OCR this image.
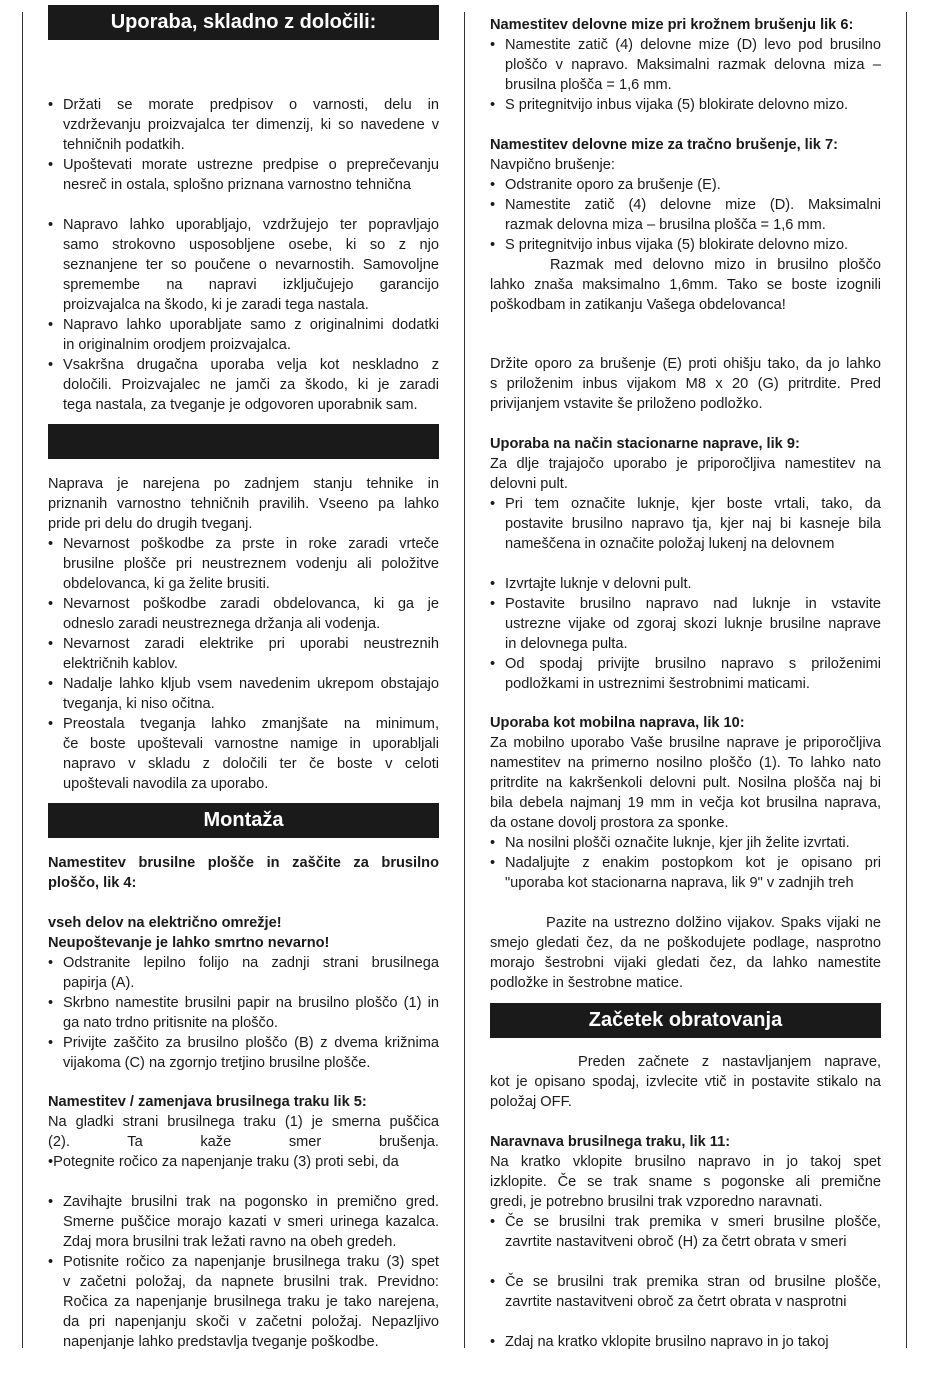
Uporaba, skladno z določili:
• Držati se morate predpisov o varnosti, delu in
vzdrževanju proizvajalca ter dimenzij, ki so navedene v
tehničnih podatkih.
• Upoštevati morate ustrezne predpise o preprečevanju
nesreč in ostala, splošno priznana varnostno tehnična
• Napravo lahko uporabljajo, vzdržujejo ter popravljajo
samo strokovno usposobljene osebe, ki so z njo
seznanjene ter so poučene o nevarnostih. Samovoljne
spremembe na napravi izključujejo garancijo
proizvajalca na škodo, ki je zaradi tega nastala.
• Napravo lahko uporabljate samo z originalnimi dodatki
in originalnim orodjem proizvajalca.
• Vsakršna drugačna uporaba velja kot neskladno z
določili. Proizvajalec ne jamči za škodo, ki je zaradi
tega nastala, za tveganje je odgovoren uporabnik sam.
Naprava je narejena po zadnjem stanju tehnike in
priznanih varnostno tehničnih pravilih. Vseeno pa lahko
pride pri delu do drugih tveganj.
• Nevarnost poškodbe za prste in roke zaradi vrteče
brusilne plošče pri neustreznem vodenju ali položitve
obdelovanca, ki ga želite brusiti.
• Nevarnost poškodbe zaradi obdelovanca, ki ga je
odneslo zaradi neustreznega držanja ali vodenja.
• Nevarnost zaradi elektrike pri uporabi neustreznih
električnih kablov.
• Nadalje lahko kljub vsem navedenim ukrepom obstajajo
tveganja, ki niso očitna.
• Preostala tveganja lahko zmanjšate na minimum,
če boste upoštevali varnostne namige in uporabljali
napravo v skladu z določili ter če boste v celoti
upoštevali navodila za uporabo.
Montaža
Namestitev brusilne plošče in zaščite za brusilno
ploščo, lik 4:
vseh delov na električno omrežje!
Neupoštevanje je lahko smrtno nevarno!
• Odstranite lepilno folijo na zadnji strani brusilnega
papirja (A).
• Skrbno namestite brusilni papir na brusilno ploščo (1) in
ga nato trdno pritisnite na ploščo.
• Privijte zaščito za brusilno ploščo (B) z dvema križnima
vijakoma (C) na zgornjo tretjino brusilne plošče.
Namestitev / zamenjava brusilnega traku lik 5:
Na gladki strani brusilnega traku (1) je smerna puščica
(2). Ta kaže smer brušenja.
•Potegnite ročico za napenjanje traku (3) proti sebi, da
• Zavihajte brusilni trak na pogonsko in premično gred.
Smerne puščice morajo kazati v smeri urinega kazalca.
Zdaj mora brusilni trak ležati ravno na obeh gredeh.
• Potisnite ročico za napenjanje brusilnega traku (3) spet
v začetni položaj, da napnete brusilni trak. Previdno:
Ročica za napenjanje brusilnega traku je tako narejena,
da pri napenjanju skoči v začetni položaj. Nepazljivo
napenjanje lahko predstavlja tveganje poškodbe.
Namestitev delovne mize pri krožnem brušenju lik 6:
• Namestite zatič (4) delovne mize (D) levo pod brusilno
ploščo v napravo. Maksimalni razmak delovna miza –
brusilna plošča = 1,6 mm.
• S pritegnitvijo inbus vijaka (5) blokirate delovno mizo.
Namestitev delovne mize za tračno brušenje, lik 7:
Navpično brušenje:
• Odstranite oporo za brušenje (E).
• Namestite zatič (4) delovne mize (D). Maksimalni
razmak delovna miza – brusilna plošča = 1,6 mm.
• S pritegnitvijo inbus vijaka (5) blokirate delovno mizo.
Razmak med delovno mizo in brusilno ploščo
lahko znaša maksimalno 1,6mm. Tako se boste izognili
poškodbam in zatikanju Vašega obdelovanca!
Držite oporo za brušenje (E) proti ohišju tako, da jo lahko
s priloženim inbus vijakom M8 x 20 (G) pritrdite. Pred
privijanjem vstavite še priloženo podložko.
Uporaba na način stacionarne naprave, lik 9:
Za dlje trajajočo uporabo je priporočljiva namestitev na
delovni pult.
• Pri tem označite luknje, kjer boste vrtali, tako, da
postavite brusilno napravo tja, kjer naj bi kasneje bila
nameščena in označite položaj lukenj na delovnem
• Izvrtajte luknje v delovni pult.
• Postavite brusilno napravo nad luknje in vstavite
ustrezne vijake od zgoraj skozi luknje brusilne naprave
in delovnega pulta.
• Od spodaj privijte brusilno napravo s priloženimi
podložkami in ustreznimi šestrobnimi maticami.
Uporaba kot mobilna naprava, lik 10:
Za mobilno uporabo Vaše brusilne naprave je priporočljiva
namestitev na primerno nosilno ploščo (1). To lahko nato
pritrdite na kakršenkoli delovni pult. Nosilna plošča naj bi
bila debela najmanj 19 mm in večja kot brusilna naprava,
da ostane dovolj prostora za sponke.
• Na nosilni plošči označite luknje, kjer jih želite izvrtati.
• Nadaljujte z enakim postopkom kot je opisano pri
"uporaba kot stacionarna naprava, lik 9" v zadnjih treh
Pazite na ustrezno dolžino vijakov. Spaks vijaki ne
smejo gledati čez, da ne poškodujete podlage, nasprotno
morajo šestrobni vijaki gledati čez, da lahko namestite
podložke in šestrobne matice.
Začetek obratovanja
Preden začnete z nastavljanjem naprave,
kot je opisano spodaj, izvlecite vtič in postavite stikalo na
položaj OFF.
Naravnava brusilnega traku, lik 11:
Na kratko vklopite brusilno napravo in jo takoj spet
izklopite. Če se trak sname s pogonske ali premične
gredi, je potrebno brusilni trak vzporedno naravnati.
• Če se brusilni trak premika v smeri brusilne plošče,
zavrtite nastavitveni obroč (H) za četrt obrata v smeri
• Če se brusilni trak premika stran od brusilne plošče,
zavrtite nastavitveni obroč za četrt obrata v nasprotni
• Zdaj na kratko vklopite brusilno napravo in jo takoj
